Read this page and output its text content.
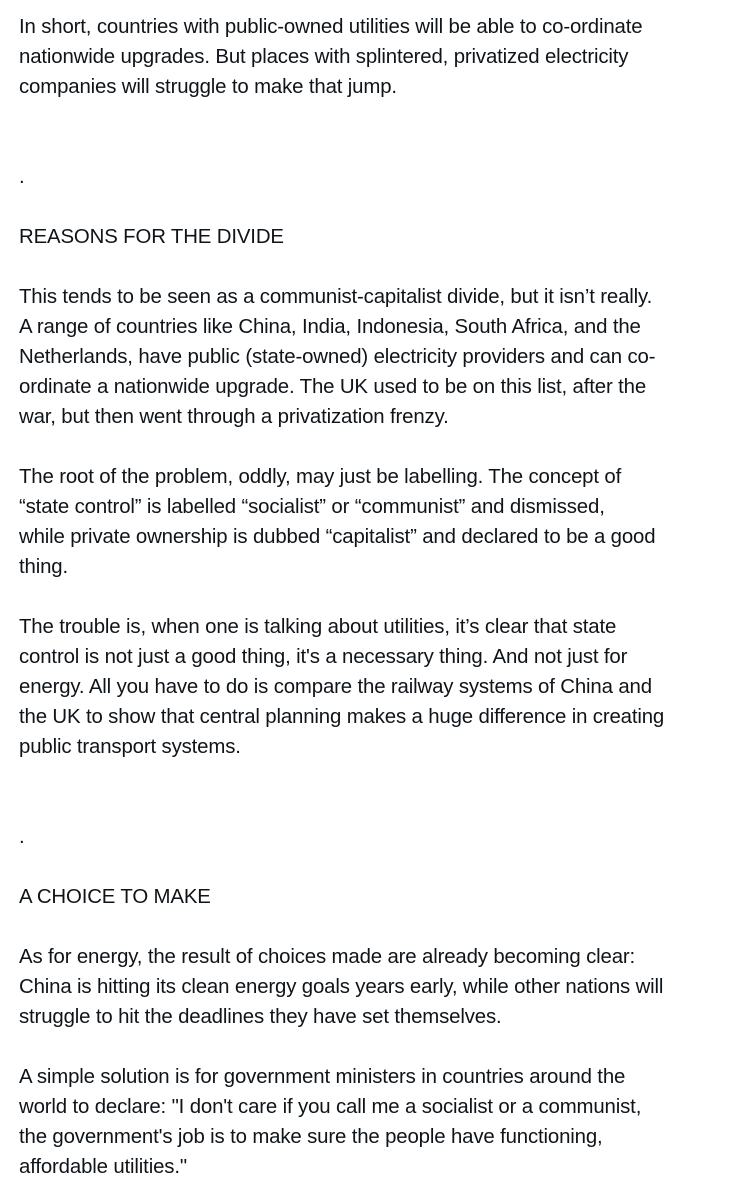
In short, countries with public-owned utilities will be able to co-ordinate
nationwide upgrades. But places with splintered, privatized electricity
companies will struggle to make that jump.

.

REASONS FOR THE DIVIDE

This tends to be seen as a communist-capitalist divide, but it isn’t really.
A range of countries like China, India, Indonesia, South Africa, and the
Netherlands, have public (state-owned) electricity providers and can co-
ordinate a nationwide upgrade. The UK used to be on this list, after the
war, but then went through a privatization frenzy.

The root of the problem, oddly, may just be labelling. The concept of
“state control” is labelled “socialist” or “communist” and dismissed,
while private ownership is dubbed “capitalist” and declared to be a good
thing.

The trouble is, when one is talking about utilities, it’s clear that state
control is not just a good thing, it's a necessary thing. And not just for
energy. All you have to do is compare the railway systems of China and
the UK to show that central planning makes a huge difference in creating
public transport systems.

.

A CHOICE TO MAKE

As for energy, the result of choices made are already becoming clear:
China is hitting its clean energy goals years early, while other nations will
struggle to hit the deadlines they have set themselves.

A simple solution is for government ministers in countries around the
world to declare: "I don't care if you call me a socialist or a communist,
the government's job is to make sure the people have functioning,
affordable utilities."
